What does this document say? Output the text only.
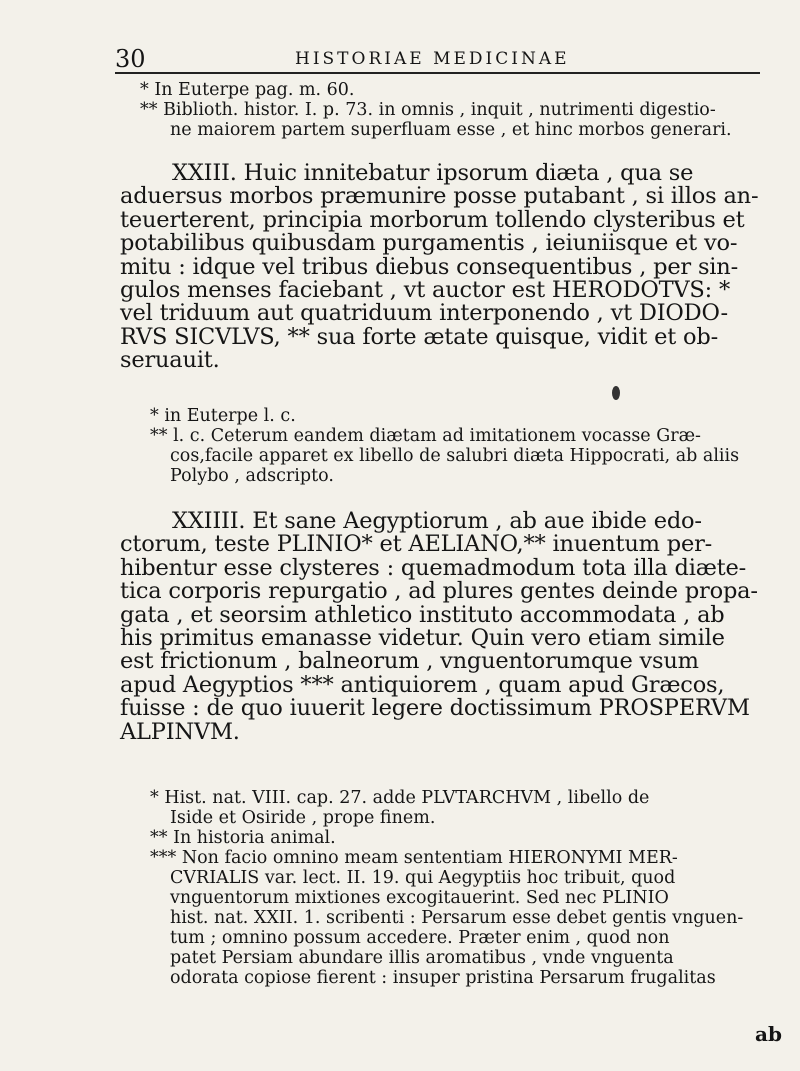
30	HISTORIAE MEDICINAE
* In Euterpe pag. m. 60.
** Biblioth. histor. I. p. 73. in omnis , inquit , nutrimenti digestio-
ne maiorem partem superfluam esse , et hinc morbos generari.
XXIII. Huic innitebatur ipsorum diæta , qua se
aduersus morbos præmunire posse putabant , si illos an-
teuerterent, principia morborum tollendo clysteribus et
potabilibus quibusdam purgamentis , ieiuniisque et vo-
mitu : idque vel tribus diebus consequentibus , per sin-
gulos menses faciebant , vt auctor est HERODOTVS: *
vel triduum aut quatriduum interponendo , vt DIODO-
RVS SICVLVS, ** sua forte ætate quisque, vidit et ob-
seruauit.
* in Euterpe l. c.
** l. c. Ceterum eandem diætam ad imitationem vocasse Græ-
cos,facile apparet ex libello de salubri diæta Hippocrati, ab aliis
Polybo , adscripto.
XXIIII. Et sane Aegyptiorum , ab aue ibide edo-
ctorum, teste PLINIO* et AELIANO,** inuentum per-
hibentur esse clysteres : quemadmodum tota illa diæte-
tica corporis repurgatio , ad plures gentes deinde propa-
gata , et seorsim athletico instituto accommodata , ab
his primitus emanasse videtur. Quin vero etiam simile
est frictionum , balneorum , vnguentorumque vsum
apud Aegyptios *** antiquiorem , quam apud Græcos,
fuisse : de quo iuuerit legere doctissimum PROSPERVM
ALPINVM.
* Hist. nat. VIII. cap. 27. adde PLVTARCHVM , libello de
Iside et Osiride , prope finem.
** In historia animal.
*** Non facio omnino meam sententiam HIERONYMI MER-
CVRIALIS var. lect. II. 19. qui Aegyptiis hoc tribuit, quod
vnguentorum mixtiones excogitauerint. Sed nec PLINIO
hist. nat. XXII. 1. scribenti : Persarum esse debet gentis vnguen-
tum ; omnino possum accedere. Præter enim , quod non
patet Persiam abundare illis aromatibus , vnde vnguenta
odorata copiose fierent : insuper pristina Persarum frugalitas
ab
